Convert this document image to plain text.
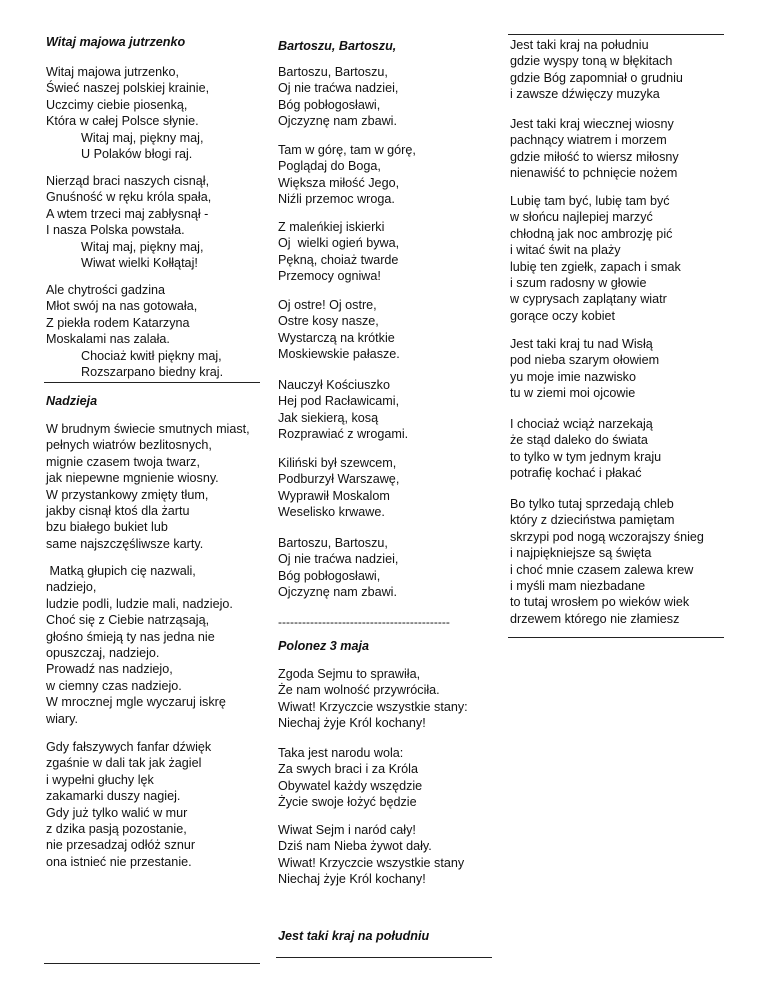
Witaj majowa jutrzenko

Witaj majowa jutrzenko,
Świeć naszej polskiej krainie,
Uczcimy ciebie piosenką,
Która w całej Polsce słynie.
Witaj maj, piękny maj,
U Polaków błogi raj.
Nierząd braci naszych cisnął,
Gnuśność w ręku króla spała,
A wtem trzeci maj zabłysnął -
I nasza Polska powstała.
Witaj maj, piękny maj,
Wiwat wielki Kołłątaj!
Ale chytrości gadzina
Młot swój na nas gotowała,
Z piekła rodem Katarzyna
Moskalami nas zalała.
Chociaż kwitł piękny maj,
Rozszarpano biedny kraj.

Nadzieja

W brudnym świecie smutnych miast,
pełnych wiatrów bezlitosnych,
mignie czasem twoja twarz,
jak niepewne mgnienie wiosny.
W przystankowy zmięty tłum,
jakby cisnął ktoś dla żartu
bzu białego bukiet lub
same najszczęśliwsze karty.
Matką głupich cię nazwali,
nadziejo,
ludzie podli, ludzie mali, nadziejo.
Choć się z Ciebie natrząsają,
głośno śmieją ty nas jedna nie
opuszczaj, nadziejo.
Prowadź nas nadziejo,
w ciemny czas nadziejo.
W mrocznej mgle wyczaruj iskrę
wiary.
Gdy fałszywych fanfar dźwięk
zgaśnie w dali tak jak żagiel
i wypełni głuchy lęk
zakamarki duszy nagiej.
Gdy już tylko walić w mur
z dzika pasją pozostanie,
nie przesadzaj odłóż sznur
ona istnieć nie przestanie.

Bartoszu, Bartoszu,

Bartoszu, Bartoszu,
Oj nie traćwa nadziei,
Bóg pobłogosławi,
Ojczyznę nam zbawi.
Tam w górę, tam w górę,
Poglądaj do Boga,
Większa miłość Jego,
Niźli przemoc wroga.
Z maleńkiej iskierki
Oj  wielki ogień bywa,
Pękną, choiaż twarde
Przemocy ogniwa!
Oj ostre! Oj ostre,
Ostre kosy nasze,
Wystarczą na krótkie
Moskiewskie pałasze.
Nauczył Kościuszko
Hej pod Racławicami,
Jak siekierą, kosą
Rozprawiać z wrogami.
Kiliński był szewcem,
Podburzył Warszawę,
Wyprawił Moskalom
Weselisko krwawe.
Bartoszu, Bartoszu,
Oj nie traćwa nadziei,
Bóg pobłogosławi,
Ojczyznę nam zbawi.

-------------------------------------------

Polonez 3 maja

Zgoda Sejmu to sprawiła,
Że nam wolność przywróciła.
Wiwat! Krzyczcie wszystkie stany:
Niechaj żyje Król kochany!
Taka jest narodu wola:
Za swych braci i za Króla
Obywatel każdy wszędzie
Życie swoje łożyć będzie
Wiwat Sejm i naród cały!
Dziś nam Nieba żywot dały.
Wiwat! Krzyczcie wszystkie stany
Niechaj żyje Król kochany!

Jest taki kraj na południu

Jest taki kraj na południu
gdzie wyspy toną w błękitach
gdzie Bóg zapomniał o grudniu
i zawsze dźwięczy muzyka
Jest taki kraj wiecznej wiosny
pachnący wiatrem i morzem
gdzie miłość to wiersz miłosny
nienawiść to pchnięcie nożem
Lubię tam być, lubię tam być
w słońcu najlepiej marzyć
chłodną jak noc ambrozję pić
i witać świt na plaży
lubię ten zgiełk, zapach i smak
i szum radosny w głowie
w cyprysach zaplątany wiatr
gorące oczy kobiet
Jest taki kraj tu nad Wisłą
pod nieba szarym ołowiem
yu moje imie nazwisko
tu w ziemi moi ojcowie
I chociaż wciąż narzekają
że stąd daleko do świata
to tylko w tym jednym kraju
potrafię kochać i płakać
Bo tylko tutaj sprzedają chleb
który z dzieciństwa pamiętam
skrzypi pod nogą wczorajszy śnieg
i najpiękniejsze są święta
i choć mnie czasem zalewa krew
i myśli mam niezbadane
to tutaj wrosłem po wieków wiek
drzewem którego nie złamiesz
